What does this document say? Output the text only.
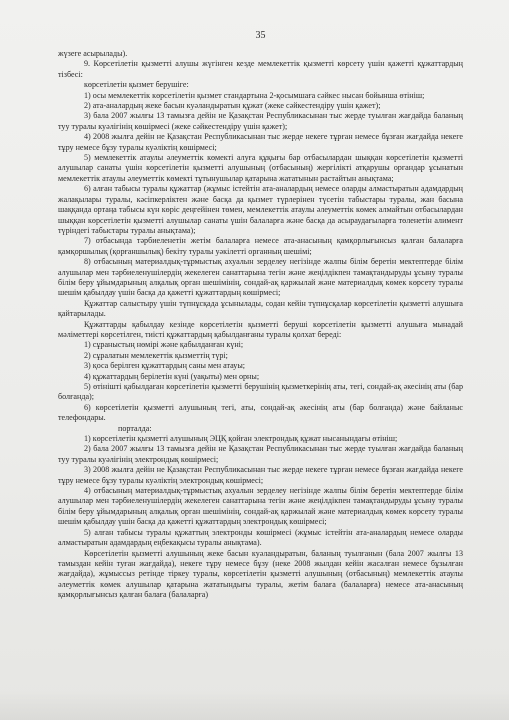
35

жүзеге асырылады).

9. Көрсетілетін қызметті алушы жүгінген кезде мемлекеттік қызметті көрсету үшін қажетті құжаттардың тізбесі:

көрсетілетін қызмет берушіге:

1) осы мемлекеттік көрсетілетін қызмет стандартына 2-қосымшаға сәйкес нысан бойынша өтініш;

2) ата-аналардың жеке басын куәландыратын құжат (жеке сәйкестендіру үшін қажет);

3) бала 2007 жылғы 13 тамызға дейін не Қазақстан Республикасынан тыс жерде туылған жағдайда баланың туу туралы куәлігінің көшірмесі (жеке сәйкестендіру үшін қажет);

4) 2008 жылға дейін не Қазақстан Республикасынан тыс жерде некеге тұрған немесе бұзған жағдайда некеге тұру немесе бұзу туралы куәліктің көшірмесі;

5) мемлекеттік атаулы әлеуметтік көмекті алуға құқығы бар отбасылардан шыққан көрсетілетін қызметті алушылар санаты үшін көрсетілетін қызметті алушының (отбасының) жергілікті атқарушы органдар ұсынатын мемлекеттік атаулы әлеуметтік көмекті тұтынушылар қатарына жататынын растайтын анықтама;

6) алған табысы туралы құжаттар (жұмыс істейтін ата-аналардың немесе оларды алмастыратын адамдардың жалақылары туралы, кәсіпкерліктен және басқа да қызмет түрлерінен түсетін табыстары туралы, жан басына шаққанда ортаңа табысы күн көріс деңгейінен төмен, мемлекеттік атаулы әлеуметтік көмек алмайтын отбасылардан шыққан көрсетілетін қызметті алушылар санаты үшін балаларға және басқа да асыраудағыларға төленетін алимент түріндегі табыстары туралы анықтама);

7) отбасында тәрбиеленетін жетім балаларға немесе ата-анасының қамқорлығынсыз қалған балаларға қамқоршылық (қорғаншылық) бекіту туралы уәкілетті органның шешімі;

8) отбасының материалдық-тұрмыстық ахуалын зерделеу негізінде жалпы білім беретін мектептерде білім алушылар мен тәрбиеленушілердің жекелеген санаттарына тегін және жеңілдікпен тамақтандыруды ұсыну туралы білім беру ұйымдарының алқалық орган шешімінің, сондай-ақ қаржылай және материалдық көмек көрсету туралы шешім қабылдау үшін басқа да қажетті құжаттардың көшірмесі;

Құжаттар салыстыру үшін түпнұсқада ұсынылады, содан кейін түпнұсқалар көрсетілетін қызметті алушыға қайтарылады.

Құжаттарды қабылдау кезінде көрсетілетін қызметті беруші көрсетілетін қызметті алушыға мынадай мәліметтері көрсетілген, тиісті құжаттардың қабылданғаны туралы қолхат береді:

1) сұраныстың нөмірі және қабылданған күні;

2) сұралатын мемлекеттік қызметтің түрі;

3) қоса берілген құжаттардың саны мен атауы;

4) құжаттардың берілетін күні (уақыты) мен орны;

5) өтінішті қабылдаған көрсетілетін қызметті берушінің қызметкерінің аты, тегі, сондай-ақ әкесінің аты (бар болғанда);

6) көрсетілетін қызметті алушының тегі, аты, сондай-ақ әкесінің аты (бар болғанда) және байланыс телефондары.

порталда:

1) көрсетілетін қызметті алушының ЭЦҚ қойған электрондық құжат нысанындағы өтініш;

2) бала 2007 жылғы 13 тамызға дейін не Қазақстан Республикасынан тыс жерде туылған жағдайда баланың туу туралы куәлігінің электрондық көшірмесі;

3) 2008 жылға дейін не Қазақстан Республикасынан тыс жерде некеге тұрған немесе бұзған жағдайда некеге тұру немесе бұзу туралы куәліктің электрондық көшірмесі;

4) отбасының материалдық-тұрмыстық ахуалын зерделеу негізінде жалпы білім беретін мектептерде білім алушылар мен тәрбиеленушілердің жекелеген санаттарына тегін және жеңілдікпен тамақтандыруды ұсыну туралы білім беру ұйымдарының алқалық орган шешімінің, сондай-ақ қаржылай және материалдық көмек көрсету туралы шешім қабылдау үшін басқа да қажетті құжаттардың электрондық көшірмесі;

5) алған табысы туралы құжаттың электронды көшірмесі (жұмыс істейтін ата-аналардың немесе оларды алмастыратын адамдардың еңбекақысы туралы анықтама).

Көрсетілетін қызметті алушының жеке басын куәландыратын, баланың туылғанын (бала 2007 жылғы 13 тамыздан кейін туған жағдайда), некеге тұру немесе бұзу (неке 2008 жылдан кейін жасалған немесе бұзылған жағдайда), жұмыссыз ретінде тіркеу туралы, көрсетілетін қызметті алушының (отбасының) мемлекеттік атаулы әлеуметтік көмек алушылар қатарына жататындығы туралы, жетім балаға (балаларға) немесе ата-анасының қамқорлығынсыз қалған балаға (балаларға)
